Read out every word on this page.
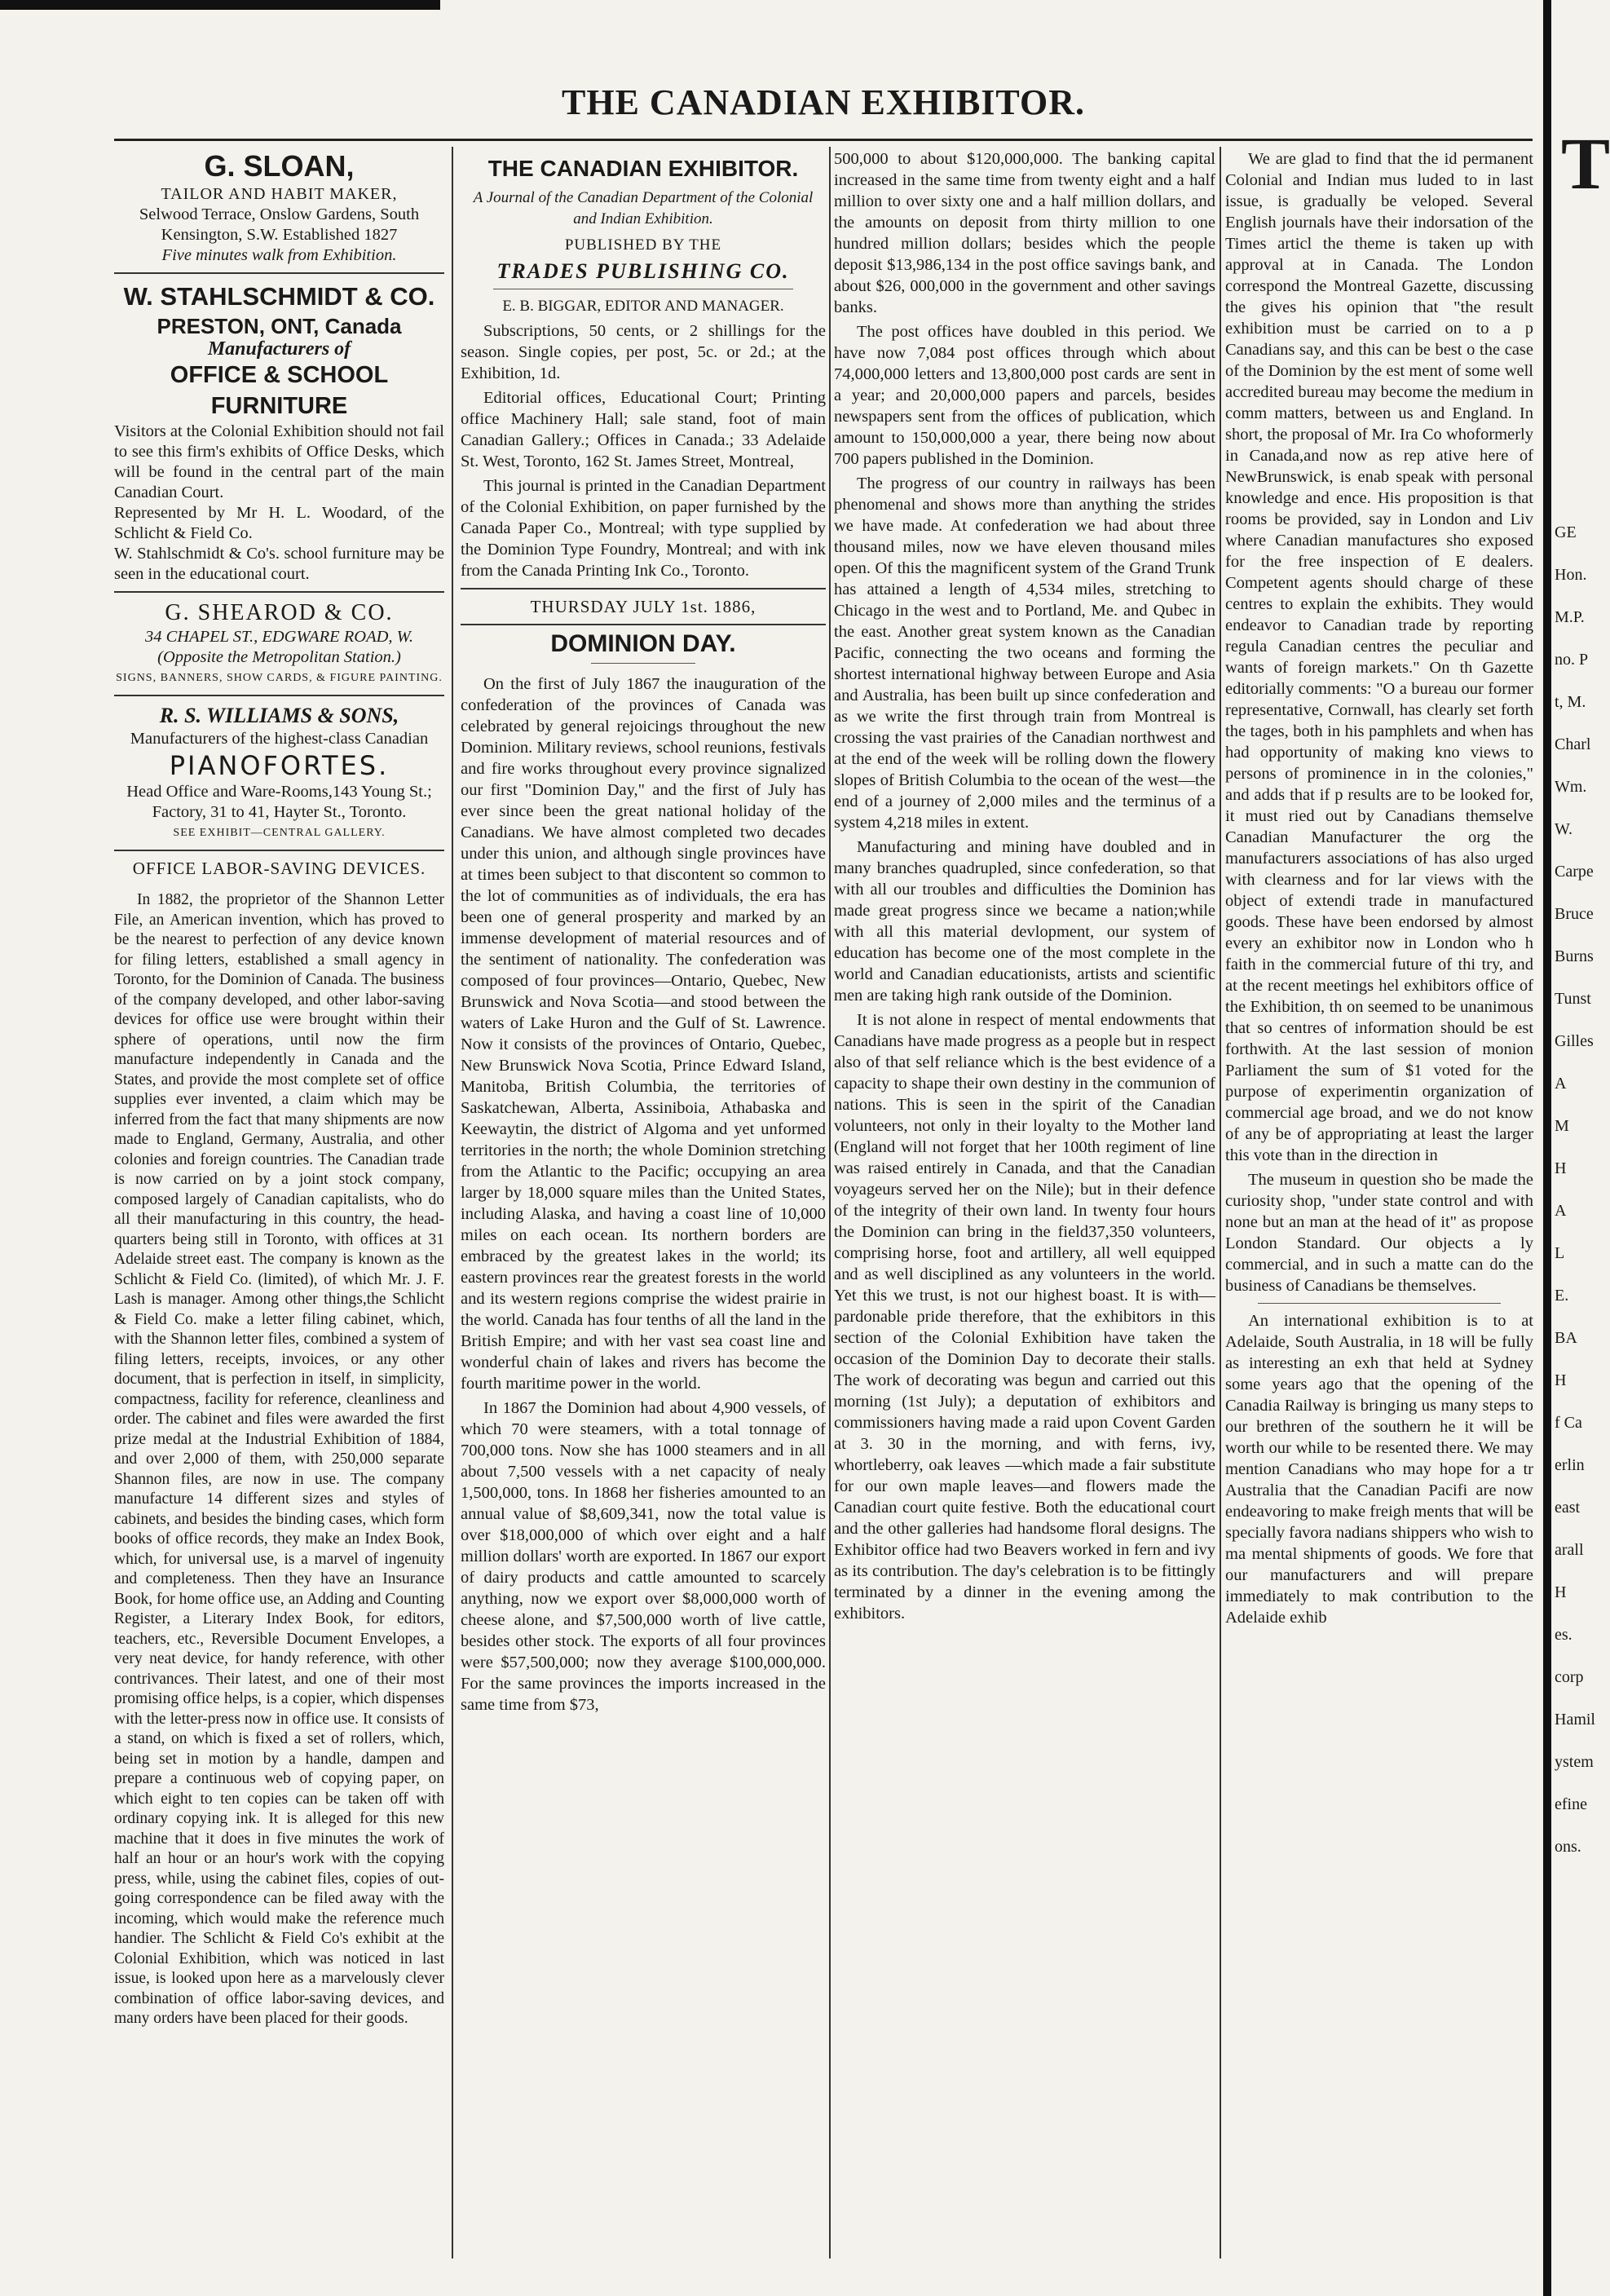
THE CANADIAN EXHIBITOR.
G. SLOAN,
TAILOR AND HABIT MAKER,
Selwood Terrace, Onslow Gardens, South Kensington, S.W. Established 1827
Five minutes walk from Exhibition.
W. STAHLSCHMIDT & CO.
PRESTON, ONT, Canada
Manufacturers of
OFFICE & SCHOOL FURNITURE
Visitors at the Colonial Exhibition should not fail to see this firm's exhibits of Office Desks, which will be found in the central part of the main Canadian Court.
Represented by Mr H. L. Woodard, of the Schlicht & Field Co.
W. Stahlschmidt & Co's. school furniture may be seen in the educational court.
G. SHEAROD & CO.
34 CHAPEL ST., EDGWARE ROAD, W.
(Opposite the Metropolitan Station.)
SIGNS, BANNERS, SHOW CARDS, & FIGURE PAINTING.
R. S. WILLIAMS & SONS,
Manufacturers of the highest-class Canadian
PIANOFORTES.
Head Office and Ware-Rooms,143 Young St.; Factory, 31 to 41, Hayter St., Toronto.
SEE EXHIBIT—CENTRAL GALLERY.
OFFICE LABOR-SAVING DEVICES.

In 1882, the proprietor of the Shannon Letter File, an American invention, which has proved to be the nearest to perfection of any device known for filing letters, established a small agency in Toronto, for the Dominion of Canada. The business of the company developed, and other labor-saving devices for office use were brought within their sphere of operations, until now the firm manufacture independently in Canada and the States, and provide the most complete set of office supplies ever invented, a claim which may be inferred from the fact that many shipments are now made to England, Germany, Australia, and other colonies and foreign countries. The Canadian trade is now carried on by a joint stock company, composed largely of Canadian capitalists, who do all their manufacturing in this country, the head-quarters being still in Toronto, with offices at 31 Adelaide street east. The company is known as the Schlicht & Field Co. (limited), of which Mr. J. F. Lash is manager. Among other things,the Schlicht & Field Co. make a letter filing cabinet, which, with the Shannon letter files, combined a system of filing letters, receipts, invoices, or any other document, that is perfection in itself, in simplicity, compactness, facility for reference, cleanliness and order. The cabinet and files were awarded the first prize medal at the Industrial Exhibition of 1884, and over 2,000 of them, with 250,000 separate Shannon files, are now in use. The company manufacture 14 different sizes and styles of cabinets, and besides the binding cases, which form books of office records, they make an Index Book, which, for universal use, is a marvel of ingenuity and completeness. Then they have an Insurance Book, for home office use, an Adding and Counting Register, a Literary Index Book, for editors, teachers, etc., Reversible Document Envelopes, a very neat device, for handy reference, with other contrivances. Their latest, and one of their most promising office helps, is a copier, which dispenses with the letter-press now in office use. It consists of a stand, on which is fixed a set of rollers, which, being set in motion by a handle, dampen and prepare a continuous web of copying paper, on which eight to ten copies can be taken off with ordinary copying ink. It is alleged for this new machine that it does in five minutes the work of half an hour or an hour's work with the copying press, while, using the cabinet files, copies of out-going correspondence can be filed away with the incoming, which would make the reference much handier. The Schlicht & Field Co's exhibit at the Colonial Exhibition, which was noticed in last issue, is looked upon here as a marvelously clever combination of office labor-saving devices, and many orders have been placed for their goods.

THE CANADIAN EXHIBITOR.
A Journal of the Canadian Department of the Colonial and Indian Exhibition.
PUBLISHED BY THE
TRADES PUBLISHING CO.
E. B. BIGGAR, EDITOR AND MANAGER.

Subscriptions, 50 cents, or 2 shillings for the season. Single copies, per post, 5c. or 2d.; at the Exhibition, 1d.

Editorial offices, Educational Court; Printing office Machinery Hall; sale stand, foot of main Canadian Gallery.; Offices in Canada.; 33 Adelaide St. West, Toronto, 162 St. James Street, Montreal,

This journal is printed in the Canadian Department of the Colonial Exhibition, on paper furnished by the Canada Paper Co., Montreal; with type supplied by the Dominion Type Foundry, Montreal; and with ink from the Canada Printing Ink Co., Toronto.

THURSDAY JULY 1st. 1886,
DOMINION DAY.

On the first of July 1867 the inauguration of the confederation of the provinces of Canada was celebrated by general rejoicings throughout the new Dominion. Military reviews, school reunions, festivals and fire works throughout every province signalized our first "Dominion Day," and the first of July has ever since been the great national holiday of the Canadians. We have almost completed two decades under this union, and although single provinces have at times been subject to that discontent so common to the lot of communities as of individuals, the era has been one of general prosperity and marked by an immense development of material resources and of the sentiment of nationality. The confederation was composed of four provinces—Ontario, Quebec, New Brunswick and Nova Scotia—and stood between the waters of Lake Huron and the Gulf of St. Lawrence. Now it consists of the provinces of Ontario, Quebec, New Brunswick Nova Scotia, Prince Edward Island, Manitoba, British Columbia, the territories of Saskatchewan, Alberta, Assiniboia, Athabaska and Keewaytin, the district of Algoma and yet unformed territories in the north; the whole Dominion stretching from the Atlantic to the Pacific; occupying an area larger by 18,000 square miles than the United States, including Alaska, and having a coast line of 10,000 miles on each ocean. Its northern borders are embraced by the greatest lakes in the world; its eastern provinces rear the greatest forests in the world and its western regions comprise the widest prairie in the world. Canada has four tenths of all the land in the British Empire; and with her vast sea coast line and wonderful chain of lakes and rivers has become the fourth maritime power in the world.

In 1867 the Dominion had about 4,900 vessels, of which 70 were steamers, with a total tonnage of 700,000 tons. Now she has 1000 steamers and in all about 7,500 vessels with a net capacity of nealy 1,500,000, tons. In 1868 her fisheries amounted to an annual value of $8,609,341, now the total value is over $18,000,000 of which over eight and a half million dollars' worth are exported. In 1867 our export of dairy products and cattle amounted to scarcely anything, now we export over $8,000,000 worth of cheese alone, and $7,500,000 worth of live cattle, besides other stock. The exports of all four provinces were $57,500,000; now they average $100,000,000. For the same provinces the imports increased in the same time from $73,

500,000 to about $120,000,000. The banking capital increased in the same time from twenty eight and a half million to over sixty one and a half million dollars, and the amounts on deposit from thirty million to one hundred million dollars; besides which the people deposit $13,986,134 in the post office savings bank, and about $26, 000,000 in the government and other savings banks.

The post offices have doubled in this period. We have now 7,084 post offices through which about 74,000,000 letters and 13,800,000 post cards are sent in a year; and 20,000,000 papers and parcels, besides newspapers sent from the offices of publication, which amount to 150,000,000 a year, there being now about 700 papers published in the Dominion.

The progress of our country in railways has been phenomenal and shows more than anything the strides we have made. At confederation we had about three thousand miles, now we have eleven thousand miles open. Of this the magnificent system of the Grand Trunk has attained a length of 4,534 miles, stretching to Chicago in the west and to Portland, Me. and Qubec in the east. Another great system known as the Canadian Pacific, connecting the two oceans and forming the shortest international highway between Europe and Asia and Australia, has been built up since confederation and as we write the first through train from Montreal is crossing the vast prairies of the Canadian northwest and at the end of the week will be rolling down the flowery slopes of British Columbia to the ocean of the west—the end of a journey of 2,000 miles and the terminus of a system 4,218 miles in extent.

Manufacturing and mining have doubled and in many branches quadrupled, since confederation, so that with all our troubles and difficulties the Dominion has made great progress since we became a nation;while with all this material devlopment, our system of education has become one of the most complete in the world and Canadian educationists, artists and scientific men are taking high rank outside of the Dominion.

It is not alone in respect of mental endowments that Canadians have made progress as a people but in respect also of that self reliance which is the best evidence of a capacity to shape their own destiny in the communion of nations. This is seen in the spirit of the Canadian volunteers, not only in their loyalty to the Mother land (England will not forget that her 100th regiment of line was raised entirely in Canada, and that the Canadian voyageurs served her on the Nile); but in their defence of the integrity of their own land. In twenty four hours the Dominion can bring in the field37,350 volunteers, comprising horse, foot and artillery, all well equipped and as well disciplined as any volunteers in the world. Yet this we trust, is not our highest boast. It is with—pardonable pride therefore, that the exhibitors in this section of the Colonial Exhibition have taken the occasion of the Dominion Day to decorate their stalls. The work of decorating was begun and carried out this morning (1st July); a deputation of exhibitors and commissioners having made a raid upon Covent Garden at 3. 30 in the morning, and with ferns, ivy, whortleberry, oak leaves —which made a fair substitute for our own maple leaves—and flowers made the Canadian court quite festive. Both the educational court and the other galleries had handsome floral designs. The Exhibitor office had two Beavers worked in fern and ivy as its contribution. The day's celebration is to be fittingly terminated by a dinner in the evening among the exhibitors.

We are glad to find that the id permanent Colonial and Indian mus luded to in last issue, is gradually be veloped. Several English journals have their indorsation of the Times articl the theme is taken up with approval at in Canada. The London correspond the Montreal Gazette, discussing the gives his opinion that "the result exhibition must be carried on to a p Canadians say, and this can be best o the case of the Dominion by the est ment of some well accredited bureau may become the medium in comm matters, between us and England. In short, the proposal of Mr. Ira Co whoformerly in Canada,and now as rep ative here of NewBrunswick, is enab speak with personal knowledge and ence. His proposition is that rooms be provided, say in London and Liv where Canadian manufactures sho exposed for the free inspection of E dealers. Competent agents should charge of these centres to explain the exhibits. They would endeavor to Canadian trade by reporting regula Canadian centres the peculiar and wants of foreign markets." On th Gazette editorially comments: "O a bureau our former representative, Cornwall, has clearly set forth the tages, both in his pamphlets and when has had opportunity of making kno views to persons of prominence in in the colonies," and adds that if p results are to be looked for, it must ried out by Canadians themselve Canadian Manufacturer the org the manufacturers associations of has also urged with clearness and for lar views with the object of extendi trade in manufactured goods. These have been endorsed by almost every an exhibitor now in London who h faith in the commercial future of thi try, and at the recent meetings hel exhibitors office of the Exhibition, th on seemed to be unanimous that so centres of information should be est forthwith. At the last session of monion Parliament the sum of $1 voted for the purpose of experimentin organization of commercial age broad, and we do not know of any be of appropriating at least the larger this vote than in the direction in

The museum in question sho be made the curiosity shop, "under state control and with none but an man at the head of it" as propose London Standard. Our objects a ly commercial, and in such a matte can do the business of Canadians be themselves.

An international exhibition is to at Adelaide, South Australia, in 18 will be fully as interesting an exh that held at Sydney some years ago that the opening of the Canadia Railway is bringing us many steps to our brethren of the southern he it will be worth our while to be resented there. We may mention Canadians who may hope for a tr Australia that the Canadian Pacifi are now endeavoring to make freigh ments that will be specially favora nadians shippers who wish to ma mental shipments of goods. We fore that our manufacturers and will prepare immediately to mak contribution to the Adelaide exhib

T
GE
Hon.
M.P.
no. P
t, M.
Charl
Wm.
W.
Carpe
Bruce
Burns
Tunst
Gilles
A
M
H
A
L
E.
BA
H
f Ca
erlin
east
arall
H
es.
corp
Hamil
ystem
efine
ons.
